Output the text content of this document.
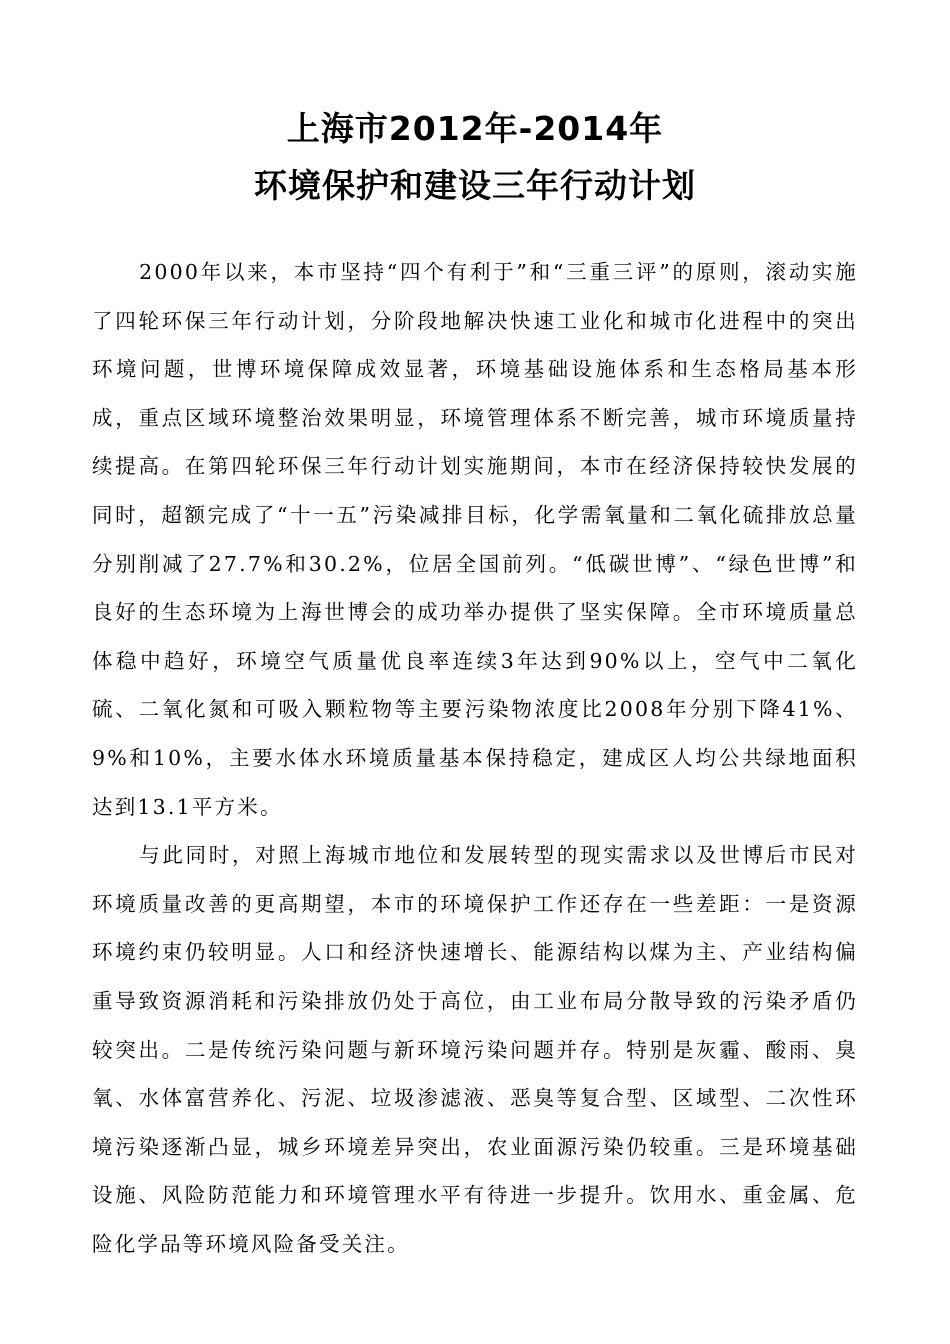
上海市2012年-2014年
环境保护和建设三年行动计划

2000年以来，本市坚持“四个有利于”和“三重三评”的原则，滚动实施了四轮环保三年行动计划，分阶段地解决快速工业化和城市化进程中的突出环境问题，世博环境保障成效显著，环境基础设施体系和生态格局基本形成，重点区域环境整治效果明显，环境管理体系不断完善，城市环境质量持续提高。在第四轮环保三年行动计划实施期间，本市在经济保持较快发展的同时，超额完成了“十一五”污染减排目标，化学需氧量和二氧化硫排放总量分别削减了27.7%和30.2%，位居全国前列。“低碳世博”、“绿色世博”和良好的生态环境为上海世博会的成功举办提供了坚实保障。全市环境质量总体稳中趋好，环境空气质量优良率连续3年达到90%以上，空气中二氧化硫、二氧化氮和可吸入颗粒物等主要污染物浓度比2008年分别下降41%、9%和10%，主要水体水环境质量基本保持稳定，建成区人均公共绿地面积达到13.1平方米。

与此同时，对照上海城市地位和发展转型的现实需求以及世博后市民对环境质量改善的更高期望，本市的环境保护工作还存在一些差距：一是资源环境约束仍较明显。人口和经济快速增长、能源结构以煤为主、产业结构偏重导致资源消耗和污染排放仍处于高位，由工业布局分散导致的污染矛盾仍较突出。二是传统污染问题与新环境污染问题并存。特别是灰霾、酸雨、臭氧、水体富营养化、污泥、垃圾渗滤液、恶臭等复合型、区域型、二次性环境污染逐渐凸显，城乡环境差异突出，农业面源污染仍较重。三是环境基础设施、风险防范能力和环境管理水平有待进一步提升。饮用水、重金属、危险化学品等环境风险备受关注。
